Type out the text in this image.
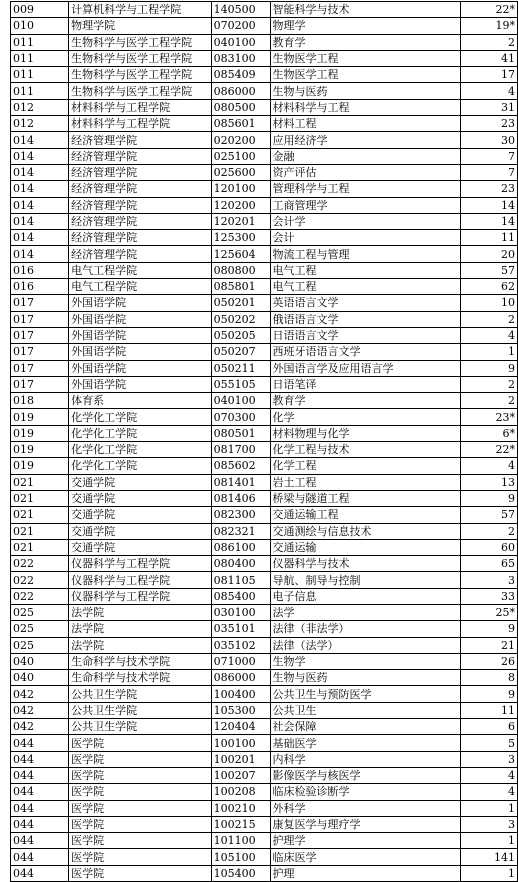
009	计算机科学与工程学院	140500	智能科学与技术	22*
010	物理学院	070200	物理学	19*
011	生物科学与医学工程学院	040100	教育学	2
011	生物科学与医学工程学院	083100	生物医学工程	41
011	生物科学与医学工程学院	085409	生物医学工程	17
011	生物科学与医学工程学院	086000	生物与医药	4
012	材料科学与工程学院	080500	材料科学与工程	31
012	材料科学与工程学院	085601	材料工程	23
014	经济管理学院	020200	应用经济学	30
014	经济管理学院	025100	金融	7
014	经济管理学院	025600	资产评估	7
014	经济管理学院	120100	管理科学与工程	23
014	经济管理学院	120200	工商管理学	14
014	经济管理学院	120201	会计学	14
014	经济管理学院	125300	会计	11
014	经济管理学院	125604	物流工程与管理	20
016	电气工程学院	080800	电气工程	57
016	电气工程学院	085801	电气工程	62
017	外国语学院	050201	英语语言文学	10
017	外国语学院	050202	俄语语言文学	2
017	外国语学院	050205	日语语言文学	4
017	外国语学院	050207	西班牙语语言文学	1
017	外国语学院	050211	外国语言学及应用语言学	9
017	外国语学院	055105	日语笔译	2
018	体育系	040100	教育学	2
019	化学化工学院	070300	化学	23*
019	化学化工学院	080501	材料物理与化学	6*
019	化学化工学院	081700	化学工程与技术	22*
019	化学化工学院	085602	化学工程	4
021	交通学院	081401	岩土工程	13
021	交通学院	081406	桥梁与隧道工程	9
021	交通学院	082300	交通运输工程	57
021	交通学院	082321	交通测绘与信息技术	2
021	交通学院	086100	交通运输	60
022	仪器科学与工程学院	080400	仪器科学与技术	65
022	仪器科学与工程学院	081105	导航、制导与控制	3
022	仪器科学与工程学院	085400	电子信息	33
025	法学院	030100	法学	25*
025	法学院	035101	法律（非法学）	9
025	法学院	035102	法律（法学）	21
040	生命科学与技术学院	071000	生物学	26
040	生命科学与技术学院	086000	生物与医药	8
042	公共卫生学院	100400	公共卫生与预防医学	9
042	公共卫生学院	105300	公共卫生	11
042	公共卫生学院	120404	社会保障	6
044	医学院	100100	基础医学	5
044	医学院	100201	内科学	3
044	医学院	100207	影像医学与核医学	4
044	医学院	100208	临床检验诊断学	4
044	医学院	100210	外科学	1
044	医学院	100215	康复医学与理疗学	3
044	医学院	101100	护理学	1
044	医学院	105100	临床医学	141
044	医学院	105400	护理	1
